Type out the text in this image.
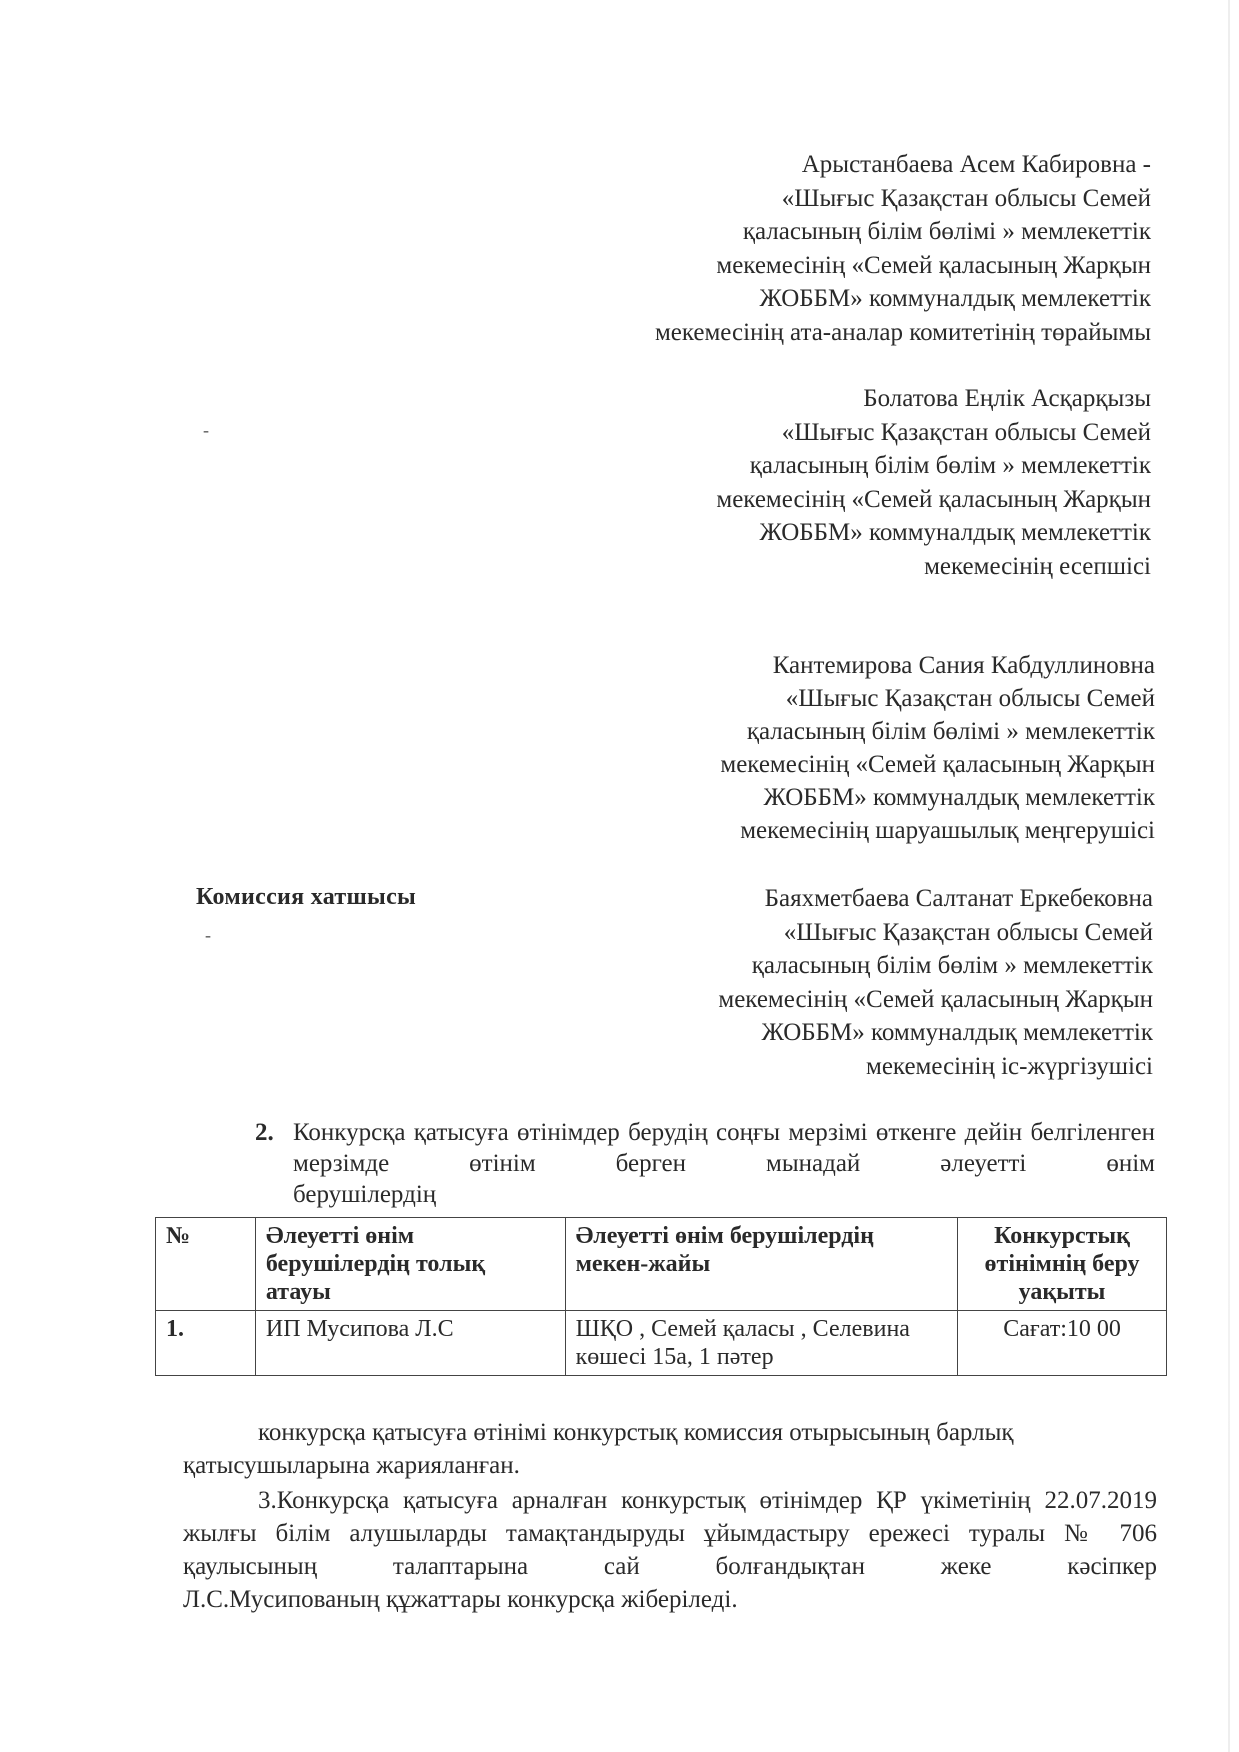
Арыстанбаева Асем Кабировна -
«Шығыс Қазақстан облысы Семей
қаласының білім бөлімі » мемлекеттік
мекемесінің «Семей қаласының Жарқын
ЖОББМ» коммуналдық мемлекеттік
мекемесінің ата-аналар комитетінің төрайымы
-
Болатова Еңлік Асқарқызы
«Шығыс Қазақстан облысы Семей
қаласының білім бөлім » мемлекеттік
мекемесінің «Семей қаласының Жарқын
ЖОББМ» коммуналдық мемлекеттік
мекемесінің есепшісі
Кантемирова Сания Кабдуллиновна
«Шығыс Қазақстан облысы Семей
қаласының білім бөлімі » мемлекеттік
мекемесінің «Семей қаласының Жарқын
ЖОББМ» коммуналдық мемлекеттік
мекемесінің шаруашылық меңгерушісі
Комиссия хатшысы
-
Баяхметбаева Салтанат Еркебековна
«Шығыс Қазақстан облысы Семей
қаласының білім бөлім » мемлекеттік
мекемесінің «Семей қаласының Жарқын
ЖОББМ» коммуналдық мемлекеттік
мекемесінің іс-жүргізушісі
2. Конкурсқа қатысуға өтінімдер берудің соңғы мерзімі өткенге дейін белгіленген мерзімде өтінім берген мынадай әлеуетті өнім
берушілердің
№	Әлеуетті өнім берушілердің толық атауы	Әлеуетті өнім берушілердің мекен-жайы	Конкурстық өтінімнің беру уақыты
1.	ИП Мусипова Л.С	ШҚО , Семей қаласы , Селевина көшесі 15а, 1 пәтер	Сағат:10 00
конкурсқа қатысуға өтінімі конкурстық комиссия отырысының барлық
қатысушыларына жарияланған.
3.Конкурсқа қатысуға арналған конкурстық өтінімдер ҚР үкіметінің 22.07.2019 жылғы білім алушыларды тамақтандыруды ұйымдастыру ережесі туралы № 706 қаулысының талаптарына сай болғандықтан жеке кәсіпкер
Л.С.Мусипованың құжаттары конкурсқа жіберіледі.
